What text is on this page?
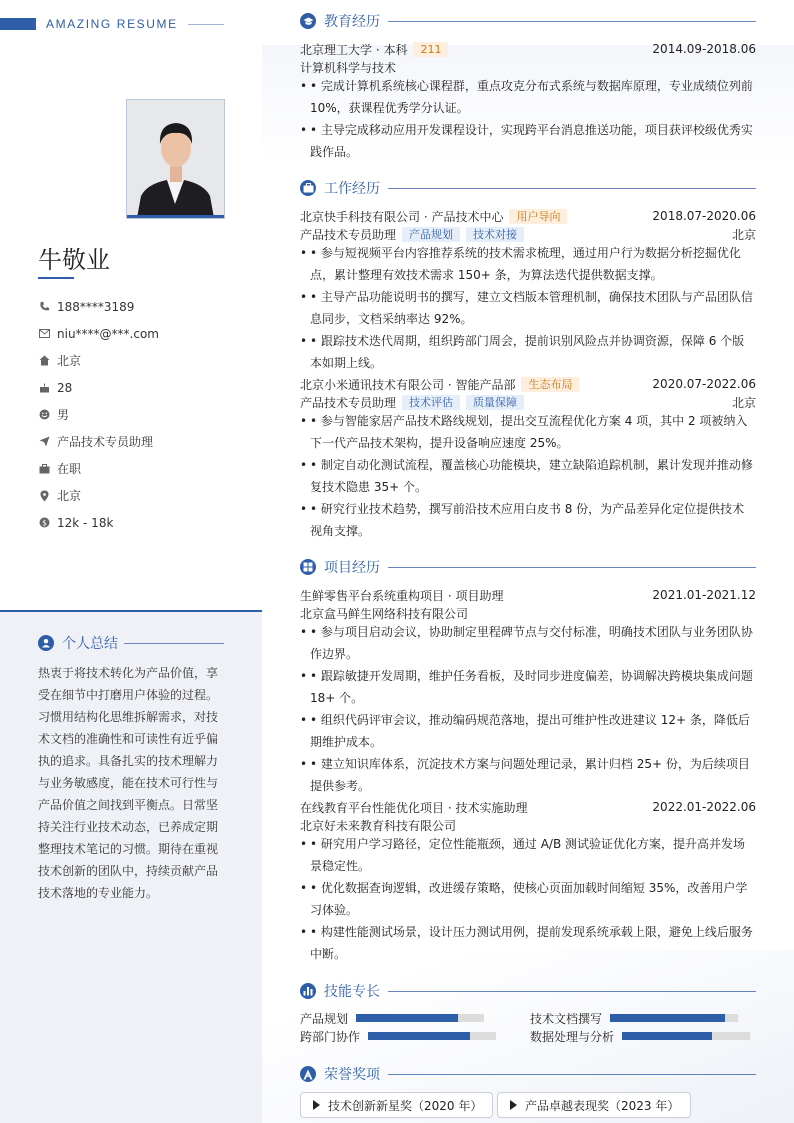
AMAZING RESUME
牛敬业
188****3189
niu****@***.com
北京
28
男
产品技术专员助理
在职
北京
$ 12k - 18k
个人总结
热衷于将技术转化为产品价值，享受在细节中打磨用户体验的过程。习惯用结构化思维拆解需求，对技术文档的准确性和可读性有近乎偏执的追求。具备扎实的技术理解力与业务敏感度，能在技术可行性与产品价值之间找到平衡点。日常坚持关注行业技术动态，已养成定期整理技术笔记的习惯。期待在重视技术创新的团队中，持续贡献产品技术落地的专业能力。
教育经历
北京理工大学 · 本科	211	2014.09-2018.06
计算机科学与技术
• • 完成计算机系统核心课程群，重点攻克分布式系统与数据库原理，专业成绩位列前10%，获课程优秀学分认证。
• • 主导完成移动应用开发课程设计，实现跨平台消息推送功能，项目获评校级优秀实践作品。
工作经历
北京快手科技有限公司 · 产品技术中心	用户导向	2018.07-2020.06
产品技术专员助理	产品规划	技术对接	北京
• • 参与短视频平台内容推荐系统的技术需求梳理，通过用户行为数据分析挖掘优化点，累计整理有效技术需求 150+ 条，为算法迭代提供数据支撑。
• • 主导产品功能说明书的撰写，建立文档版本管理机制，确保技术团队与产品团队信息同步，文档采纳率达 92%。
• • 跟踪技术迭代周期，组织跨部门周会，提前识别风险点并协调资源，保障 6 个版本如期上线。
北京小米通讯技术有限公司 · 智能产品部	生态布局	2020.07-2022.06
产品技术专员助理	技术评估	质量保障	北京
• • 参与智能家居产品技术路线规划，提出交互流程优化方案 4 项，其中 2 项被纳入下一代产品技术架构，提升设备响应速度 25%。
• • 制定自动化测试流程，覆盖核心功能模块，建立缺陷追踪机制，累计发现并推动修复技术隐患 35+ 个。
• • 研究行业技术趋势，撰写前沿技术应用白皮书 8 份，为产品差异化定位提供技术视角支撑。
项目经历
生鲜零售平台系统重构项目 · 项目助理	2021.01-2021.12
北京盒马鲜生网络科技有限公司
• • 参与项目启动会议，协助制定里程碑节点与交付标准，明确技术团队与业务团队协作边界。
• • 跟踪敏捷开发周期，维护任务看板，及时同步进度偏差，协调解决跨模块集成问题 18+ 个。
• • 组织代码评审会议，推动编码规范落地，提出可维护性改进建议 12+ 条，降低后期维护成本。
• • 建立知识库体系，沉淀技术方案与问题处理记录，累计归档 25+ 份，为后续项目提供参考。
在线教育平台性能优化项目 · 技术实施助理	2022.01-2022.06
北京好未来教育科技有限公司
• • 研究用户学习路径，定位性能瓶颈，通过 A/B 测试验证优化方案，提升高并发场景稳定性。
• • 优化数据查询逻辑，改进缓存策略，使核心页面加载时间缩短 35%，改善用户学习体验。
• • 构建性能测试场景，设计压力测试用例，提前发现系统承载上限，避免上线后服务中断。
技能专长
产品规划	技术文档撰写
跨部门协作	数据处理与分析
荣誉奖项
技术创新新星奖（2020 年）	产品卓越表现奖（2023 年）
